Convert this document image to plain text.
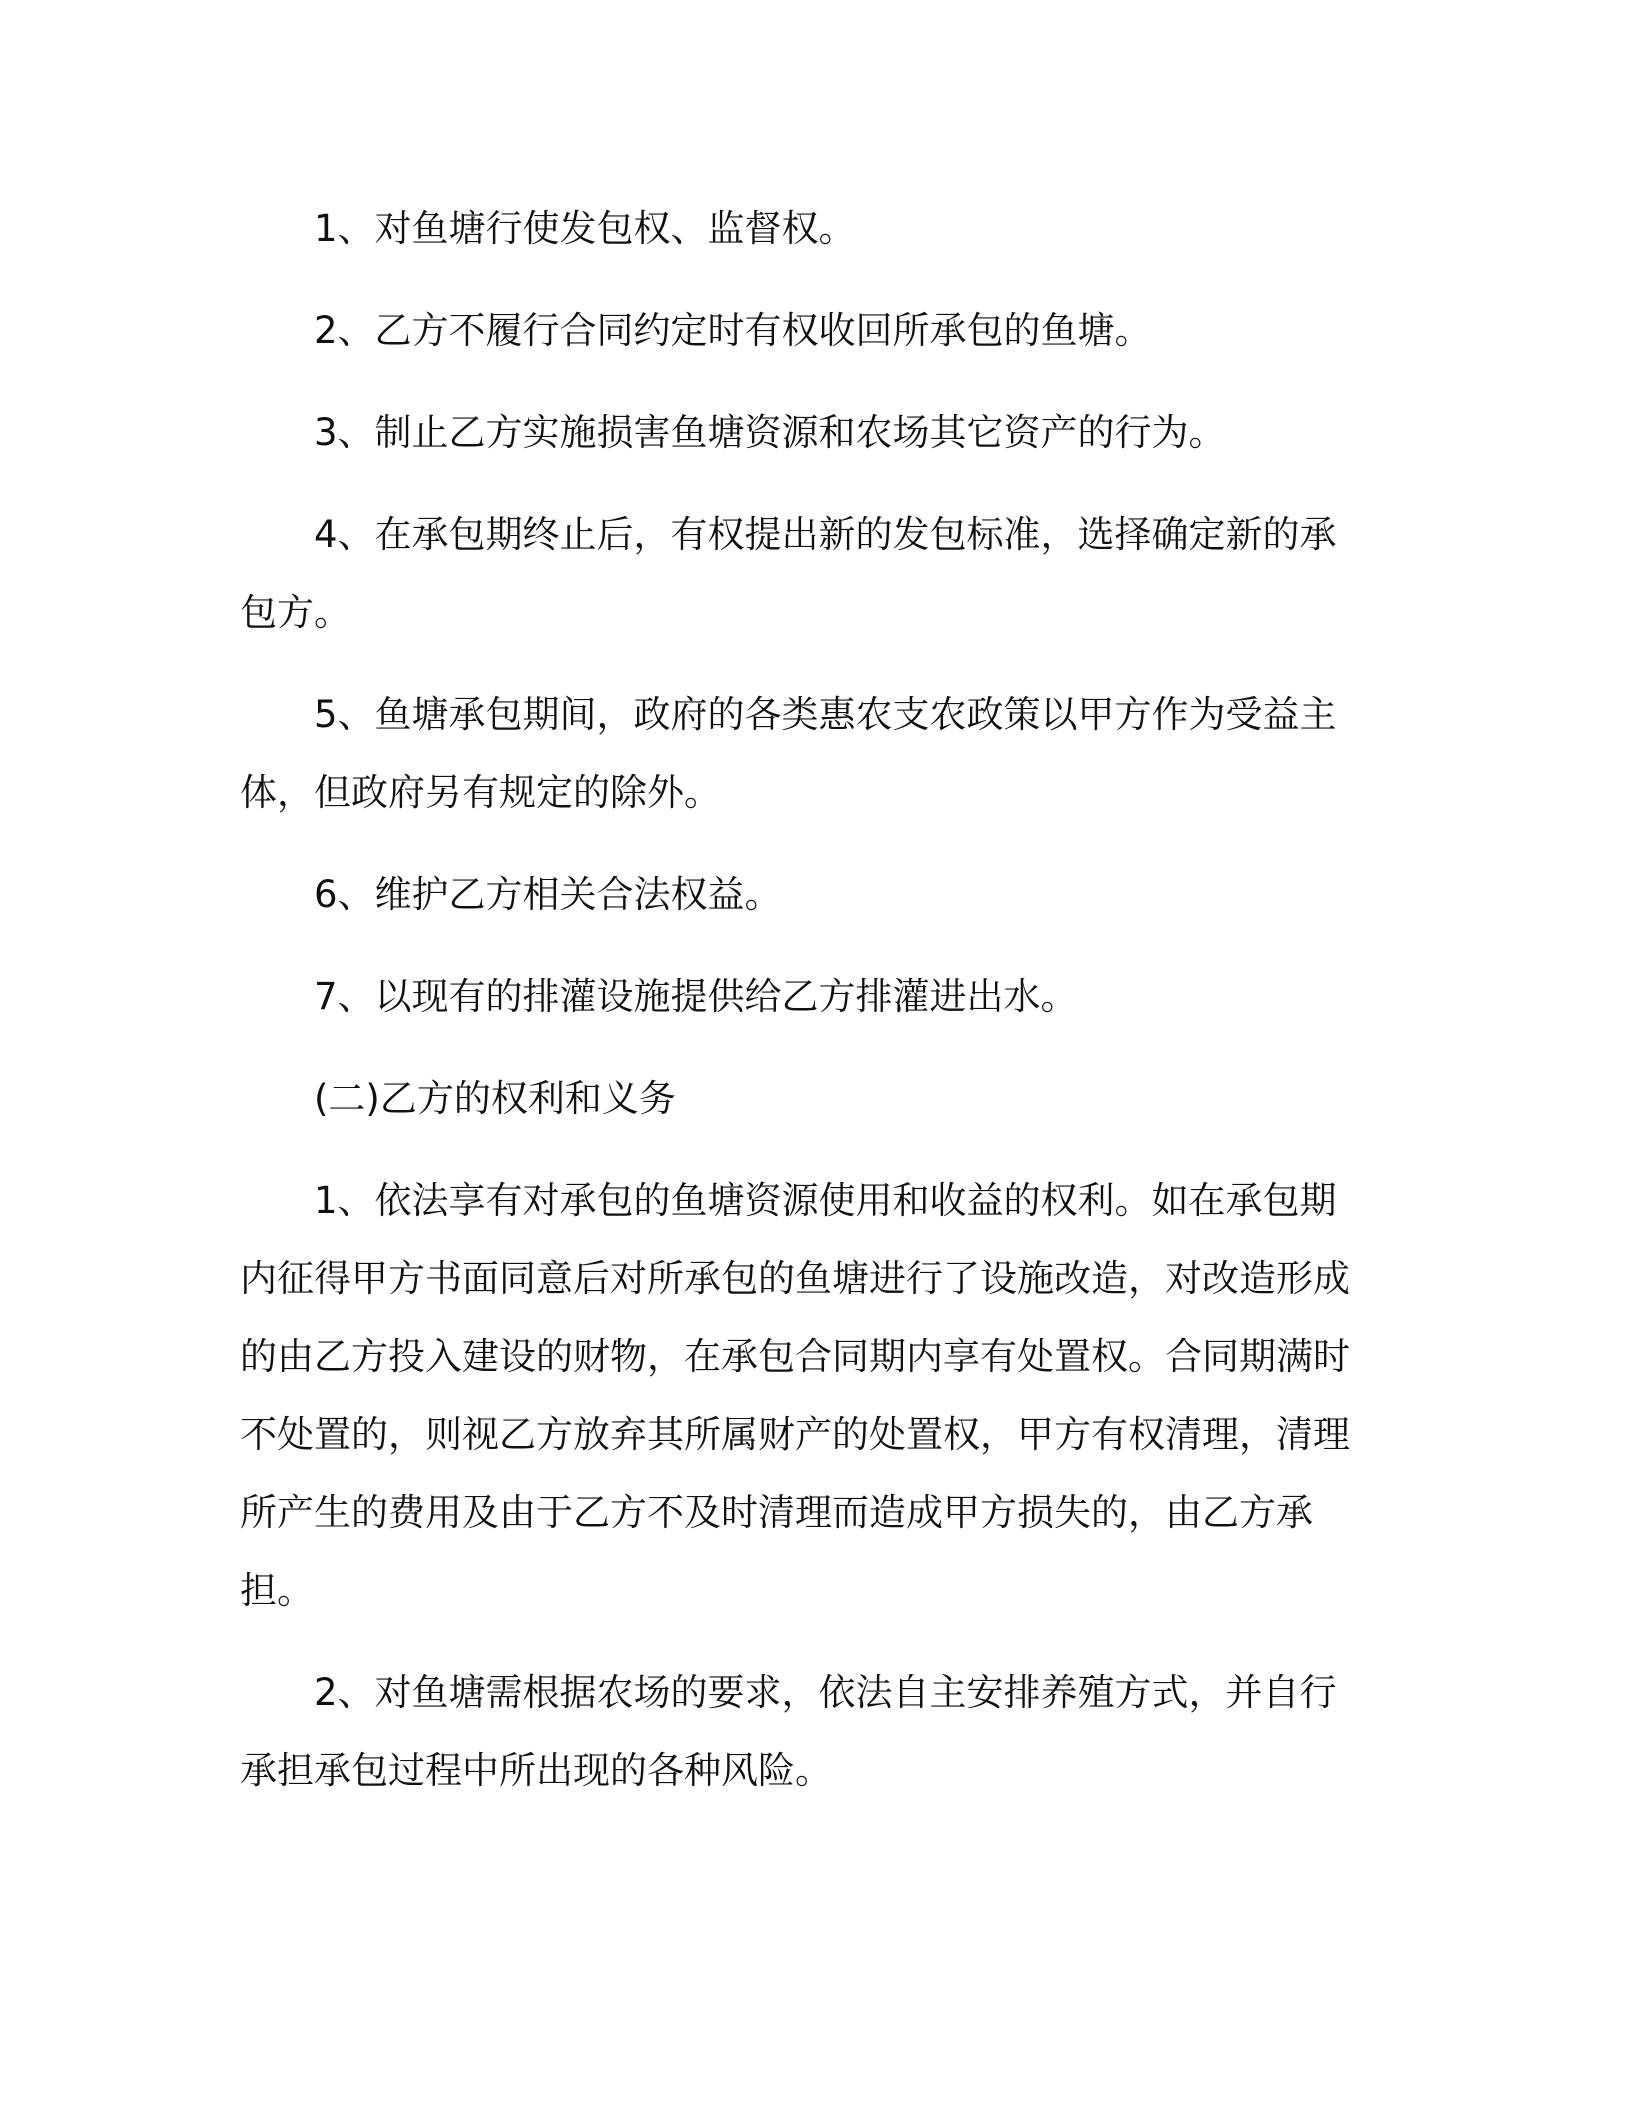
1、对鱼塘行使发包权、监督权。

2、乙方不履行合同约定时有权收回所承包的鱼塘。

3、制止乙方实施损害鱼塘资源和农场其它资产的行为。

4、在承包期终止后，有权提出新的发包标准，选择确定新的承包方。

5、鱼塘承包期间，政府的各类惠农支农政策以甲方作为受益主体，但政府另有规定的除外。

6、维护乙方相关合法权益。

7、以现有的排灌设施提供给乙方排灌进出水。

(二)乙方的权利和义务

1、依法享有对承包的鱼塘资源使用和收益的权利。如在承包期内征得甲方书面同意后对所承包的鱼塘进行了设施改造，对改造形成的由乙方投入建设的财物，在承包合同期内享有处置权。合同期满时不处置的，则视乙方放弃其所属财产的处置权，甲方有权清理，清理所产生的费用及由于乙方不及时清理而造成甲方损失的，由乙方承担。

2、对鱼塘需根据农场的要求，依法自主安排养殖方式，并自行承担承包过程中所出现的各种风险。
